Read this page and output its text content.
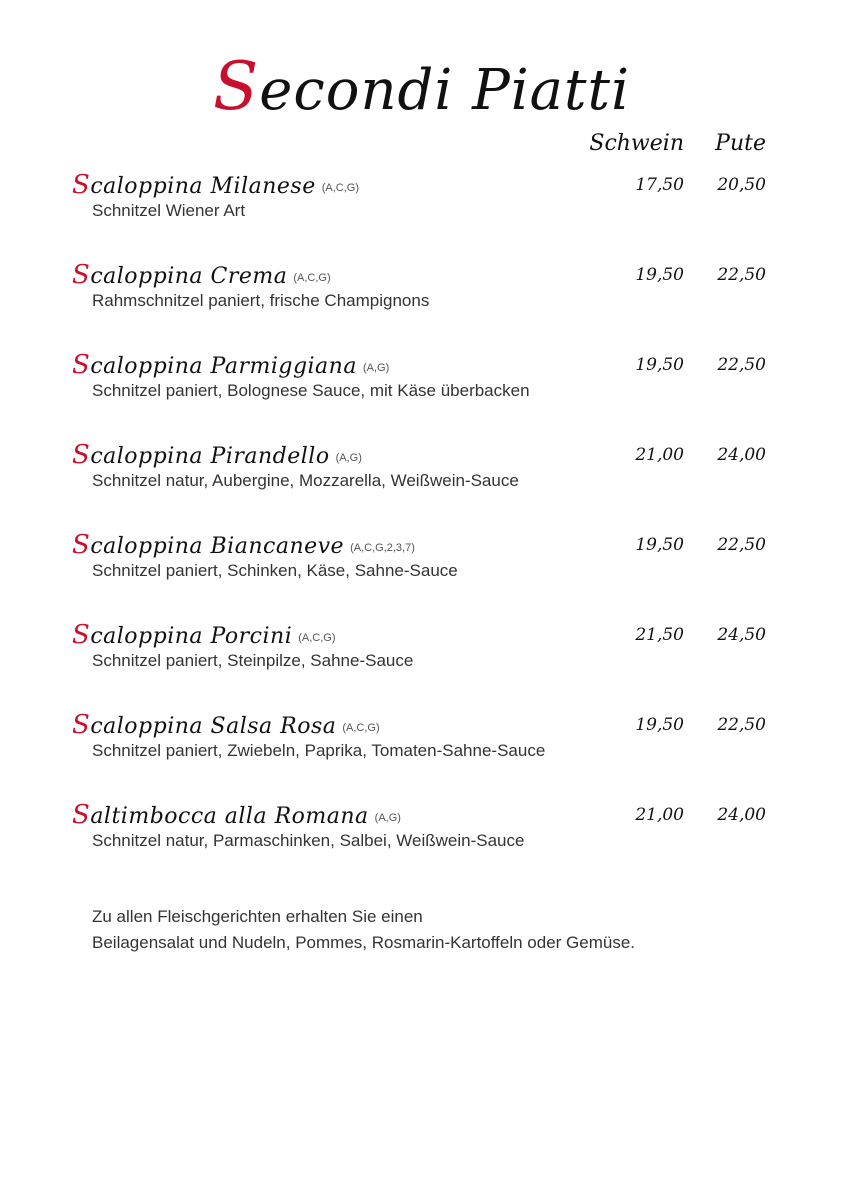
Secondi Piatti
Schwein	Pute
Scaloppina Milanese (A,C,G)
Schnitzel Wiener Art
17,50	20,50
Scaloppina Crema (A,C,G)
Rahmschnitzel paniert, frische Champignons
19,50	22,50
Scaloppina Parmiggiana (A,G)
Schnitzel paniert, Bolognese Sauce, mit Käse überbacken
19,50	22,50
Scaloppina Pirandello (A,G)
Schnitzel natur, Aubergine, Mozzarella, Weißwein-Sauce
21,00	24,00
Scaloppina Biancaneve (A,C,G,2,3,7)
Schnitzel paniert, Schinken, Käse, Sahne-Sauce
19,50	22,50
Scaloppina Porcini (A,C,G)
Schnitzel paniert, Steinpilze, Sahne-Sauce
21,50	24,50
Scaloppina Salsa Rosa (A,C,G)
Schnitzel paniert, Zwiebeln, Paprika, Tomaten-Sahne-Sauce
19,50	22,50
Saltimbocca alla Romana (A,G)
Schnitzel natur, Parmaschinken, Salbei, Weißwein-Sauce
21,00	24,00
Zu allen Fleischgerichten erhalten Sie einen
Beilagensalat und Nudeln, Pommes, Rosmarin-Kartoffeln oder Gemüse.
